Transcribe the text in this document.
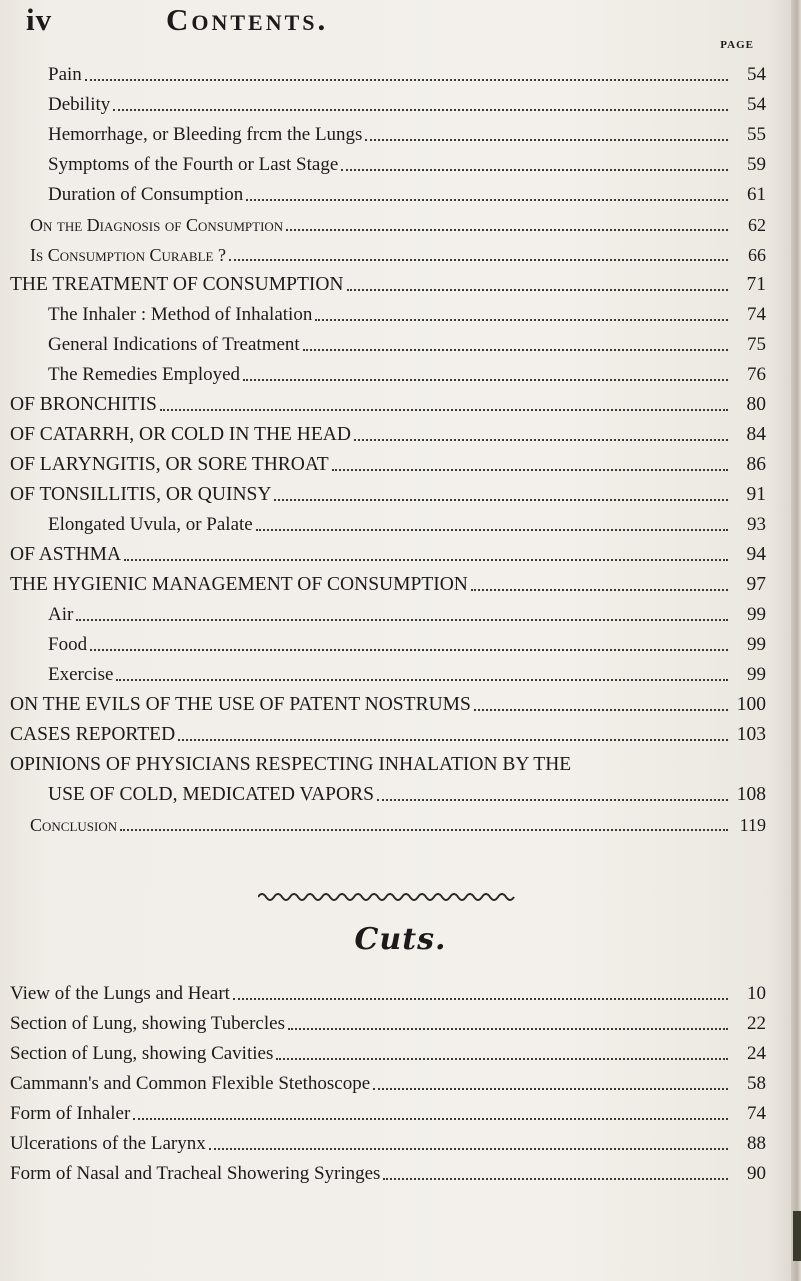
iv	Contents.
PAGE
Pain	54
Debility	54
Hemorrhage, or Bleeding frcm the Lungs	55
Symptoms of the Fourth or Last Stage	59
Duration of Consumption	61
On the Diagnosis of Consumption	62
Is Consumption Curable ?	66
THE TREATMENT OF CONSUMPTION	71
The Inhaler : Method of Inhalation	74
General Indications of Treatment	75
The Remedies Employed	76
OF BRONCHITIS	80
OF CATARRH, OR COLD IN THE HEAD	84
OF LARYNGITIS, OR SORE THROAT	86
OF TONSILLITIS, OR QUINSY	91
Elongated Uvula, or Palate	93
OF ASTHMA	94
THE HYGIENIC MANAGEMENT OF CONSUMPTION	97
Air	99
Food	99
Exercise	99
ON THE EVILS OF THE USE OF PATENT NOSTRUMS	100
CASES REPORTED	103
OPINIONS OF PHYSICIANS RESPECTING INHALATION BY THE
USE OF COLD, MEDICATED VAPORS	108
Conclusion	119
Cuts.
View of the Lungs and Heart	10
Section of Lung, showing Tubercles	22
Section of Lung, showing Cavities	24
Cammann's and Common Flexible Stethoscope	58
Form of Inhaler	74
Ulcerations of the Larynx	88
Form of Nasal and Tracheal Showering Syringes	90
